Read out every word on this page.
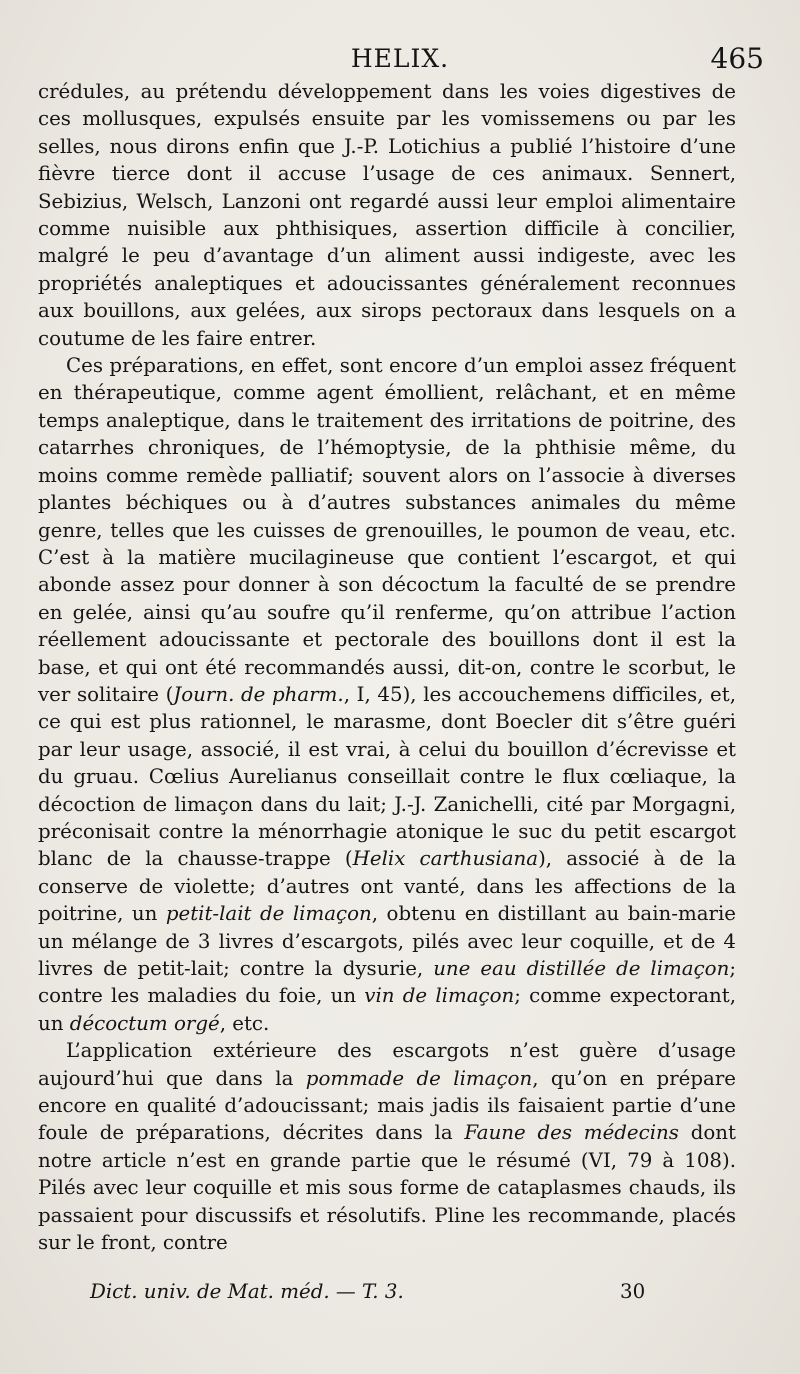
HELIX.	465

crédules, au prétendu développement dans les voies digestives de ces mollusques, expulsés ensuite par les vomissemens ou par les selles, nous dirons enfin que J.-P. Lotichius a publié l’histoire d’une fièvre tierce dont il accuse l’usage de ces animaux. Sennert, Sebizius, Welsch, Lanzoni ont regardé aussi leur emploi alimentaire comme nuisible aux phthisiques, assertion difficile à concilier, malgré le peu d’avantage d’un aliment aussi indigeste, avec les propriétés analeptiques et adoucissantes généralement reconnues aux bouillons, aux gelées, aux sirops pectoraux dans lesquels on a coutume de les faire entrer.

Ces préparations, en effet, sont encore d’un emploi assez fréquent en thérapeutique, comme agent émollient, relâchant, et en même temps analeptique, dans le traitement des irritations de poitrine, des catarrhes chroniques, de l’hémoptysie, de la phthisie même, du moins comme remède palliatif; souvent alors on l’associe à diverses plantes béchiques ou à d’autres substances animales du même genre, telles que les cuisses de grenouilles, le poumon de veau, etc. C’est à la matière mucilagineuse que contient l’escargot, et qui abonde assez pour donner à son décoctum la faculté de se prendre en gelée, ainsi qu’au soufre qu’il renferme, qu’on attribue l’action réellement adoucissante et pectorale des bouillons dont il est la base, et qui ont été recommandés aussi, dit-on, contre le scorbut, le ver solitaire (Journ. de pharm., I, 45), les accouchemens difficiles, et, ce qui est plus rationnel, le marasme, dont Boecler dit s’être guéri par leur usage, associé, il est vrai, à celui du bouillon d’écrevisse et du gruau. Cœlius Aurelianus conseillait contre le flux cœliaque, la décoction de limaçon dans du lait; J.-J. Zanichelli, cité par Morgagni, préconisait contre la ménorrhagie atonique le suc du petit escargot blanc de la chausse-trappe (Helix carthusiana), associé à de la conserve de violette; d’autres ont vanté, dans les affections de la poitrine, un petit-lait de limaçon, obtenu en distillant au bain-marie un mélange de 3 livres d’escargots, pilés avec leur coquille, et de 4 livres de petit-lait; contre la dysurie, une eau distillée de limaçon; contre les maladies du foie, un vin de limaçon; comme expectorant, un décoctum orgé, etc.

L’application extérieure des escargots n’est guère d’usage aujourd’hui que dans la pommade de limaçon, qu’on en prépare encore en qualité d’adoucissant; mais jadis ils faisaient partie d’une foule de préparations, décrites dans la Faune des médecins dont notre article n’est en grande partie que le résumé (VI, 79 à 108). Pilés avec leur coquille et mis sous forme de cataplasmes chauds, ils passaient pour discussifs et résolutifs. Pline les recommande, placés sur le front, contre

Dict. univ. de Mat. méd. — T. 3.	30
